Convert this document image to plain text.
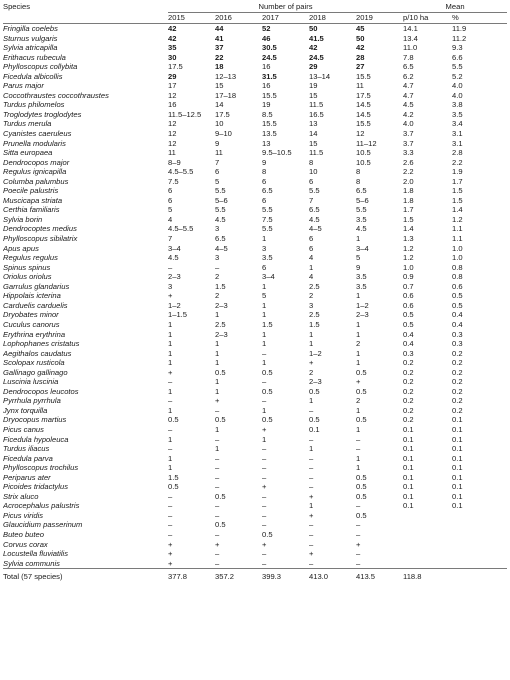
Species	Number of pairs					Mean	
	2015	2016	2017	2018	2019	p/10 ha	%
Fringilla coelebs	42	44	52	50	45	14.1	11.9
Sturnus vulgaris	42	41	46	41.5	50	13.4	11.2
Sylvia atricapilla	35	37	30.5	42	42	11.0	9.3
Erithacus rubecula	30	22	24.5	24.5	28	7.8	6.6
Phylloscopus collybita	17.5	18	16	29	27	6.5	5.5
Ficedula albicollis	29	12–13	31.5	13–14	15.5	6.2	5.2
Parus major	17	15	16	19	11	4.7	4.0
Coccothraustes coccothraustes	12	17–18	15.5	15	17.5	4.7	4.0
Turdus philomelos	16	14	19	11.5	14.5	4.5	3.8
Troglodytes troglodytes	11.5–12.5	17.5	8.5	16.5	14.5	4.2	3.5
Turdus merula	12	10	15.5	13	15.5	4.0	3.4
Cyanistes caeruleus	12	9–10	13.5	14	12	3.7	3.1
Prunella modularis	12	9	13	15	11–12	3.7	3.1
Sitta europaea	11	11	9.5–10.5	11.5	10.5	3.3	2.8
Dendrocopos major	8–9	7	9	8	10.5	2.6	2.2
Regulus ignicapilla	4.5–5.5	6	8	10	8	2.2	1.9
Columba palumbus	7.5	5	6	6	8	2.0	1.7
Poecile palustris	6	5.5	6.5	5.5	6.5	1.8	1.5
Muscicapa striata	6	5–6	6	7	5–6	1.8	1.5
Certhia familiaris	5	5.5	5.5	6.5	5.5	1.7	1.4
Sylvia borin	4	4.5	7.5	4.5	3.5	1.5	1.2
Dendrocoptes medius	4.5–5.5	3	5.5	4–5	4.5	1.4	1.1
Phylloscopus sibilatrix	7	6.5	1	6	1	1.3	1.1
Apus apus	3–4	4–5	3	6	3–4	1.2	1.0
Regulus regulus	4.5	3	3.5	4	5	1.2	1.0
Spinus spinus	–	–	6	1	9	1.0	0.8
Oriolus oriolus	2–3	2	3–4	4	3.5	0.9	0.8
Garrulus glandarius	3	1.5	1	2.5	3.5	0.7	0.6
Hippolais icterina	+	2	5	2	1	0.6	0.5
Carduelis carduelis	1–2	2–3	1	3	1–2	0.6	0.5
Dryobates minor	1–1.5	1	1	2.5	2–3	0.5	0.4
Cuculus canorus	1	2.5	1.5	1.5	1	0.5	0.4
Erythrina erythrina	1	2–3	1	1	1	0.4	0.3
Lophophanes cristatus	1	1	1	1	2	0.4	0.3
Aegithalos caudatus	1	1	–	1–2	1	0.3	0.2
Scolopax rusticola	1	1	1	+	1	0.2	0.2
Gallinago gallinago	+	0.5	0.5	2	0.5	0.2	0.2
Luscinia luscinia	–	1	–	2–3	+	0.2	0.2
Dendrocopos leucotos	1	1	0.5	0.5	0.5	0.2	0.2
Pyrrhula pyrrhula	–	+	–	1	2	0.2	0.2
Jynx torquilla	1	–	1	–	1	0.2	0.2
Dryocopus martius	0.5	0.5	0.5	0.5	0.5	0.2	0.1
Picus canus	–	1	+	0.1	1	0.1	0.1
Ficedula hypoleuca	1	–	1	–	–	0.1	0.1
Turdus iliacus	–	1	–	1	–	0.1	0.1
Ficedula parva	1	–	–	–	1	0.1	0.1
Phylloscopus trochilus	1	–	–	–	1	0.1	0.1
Periparus ater	1.5	–	–	–	0.5	0.1	0.1
Picoides tridactylus	0.5	–	+	–	0.5	0.1	0.1
Strix aluco	–	0.5	–	+	0.5	0.1	0.1
Acrocephalus palustris	–	–	–	1	–	0.1	0.1
Picus viridis	–	–	–	+	0.5		
Glaucidium passerinum	–	0.5	–	–	–		
Buteo buteo	–	–	0.5	–	–		
Corvus corax	+	+	+	–	+		
Locustella fluviatilis	+	–	–	+	–		
Sylvia communis	+	–	–	–	–		
Total (57 species)	377.8	357.2	399.3	413.0	413.5	118.8	
